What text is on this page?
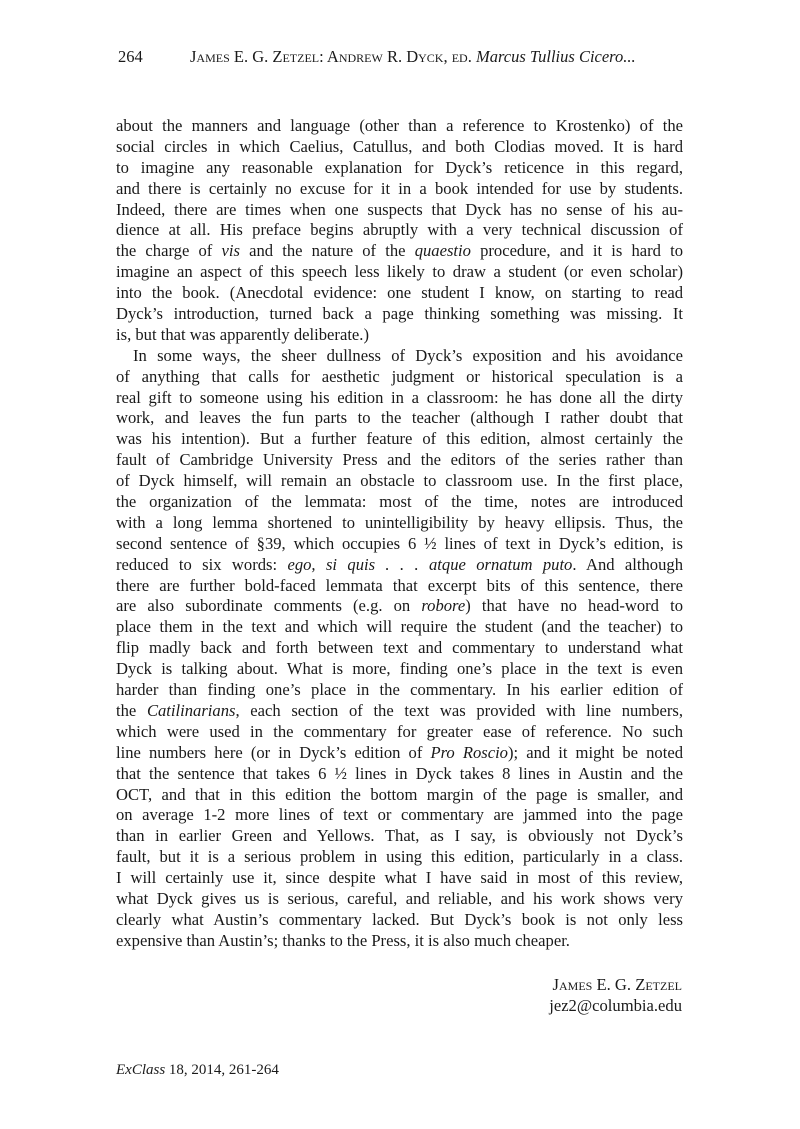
264	James E. G. Zetzel: Andrew R. Dyck, ed. Marcus Tullius Cicero...
about the manners and language (other than a reference to Krostenko) of the
social circles in which Caelius, Catullus, and both Clodias moved. It is hard
to imagine any reasonable explanation for Dyck’s reticence in this regard,
and there is certainly no excuse for it in a book intended for use by students.
Indeed, there are times when one suspects that Dyck has no sense of his au-
dience at all. His preface begins abruptly with a very technical discussion of
the charge of vis and the nature of the quaestio procedure, and it is hard to
imagine an aspect of this speech less likely to draw a student (or even scholar)
into the book. (Anecdotal evidence: one student I know, on starting to read
Dyck’s introduction, turned back a page thinking something was missing. It
is, but that was apparently deliberate.)
In some ways, the sheer dullness of Dyck’s exposition and his avoidance
of anything that calls for aesthetic judgment or historical speculation is a
real gift to someone using his edition in a classroom: he has done all the dirty
work, and leaves the fun parts to the teacher (although I rather doubt that
was his intention). But a further feature of this edition, almost certainly the
fault of Cambridge University Press and the editors of the series rather than
of Dyck himself, will remain an obstacle to classroom use. In the first place,
the organization of the lemmata: most of the time, notes are introduced
with a long lemma shortened to unintelligibility by heavy ellipsis. Thus, the
second sentence of §39, which occupies 6 ½ lines of text in Dyck’s edition, is
reduced to six words: ego, si quis . . . atque ornatum puto. And although
there are further bold-faced lemmata that excerpt bits of this sentence, there
are also subordinate comments (e.g. on robore) that have no head-word to
place them in the text and which will require the student (and the teacher) to
flip madly back and forth between text and commentary to understand what
Dyck is talking about. What is more, finding one’s place in the text is even
harder than finding one’s place in the commentary. In his earlier edition of
the Catilinarians, each section of the text was provided with line numbers,
which were used in the commentary for greater ease of reference. No such
line numbers here (or in Dyck’s edition of Pro Roscio); and it might be noted
that the sentence that takes 6 ½ lines in Dyck takes 8 lines in Austin and the
OCT, and that in this edition the bottom margin of the page is smaller, and
on average 1-2 more lines of text or commentary are jammed into the page
than in earlier Green and Yellows. That, as I say, is obviously not Dyck’s
fault, but it is a serious problem in using this edition, particularly in a class.
I will certainly use it, since despite what I have said in most of this review,
what Dyck gives us is serious, careful, and reliable, and his work shows very
clearly what Austin’s commentary lacked. But Dyck’s book is not only less
expensive than Austin’s; thanks to the Press, it is also much cheaper.
James E. G. Zetzel
jez2@columbia.edu
ExClass 18, 2014, 261-264
